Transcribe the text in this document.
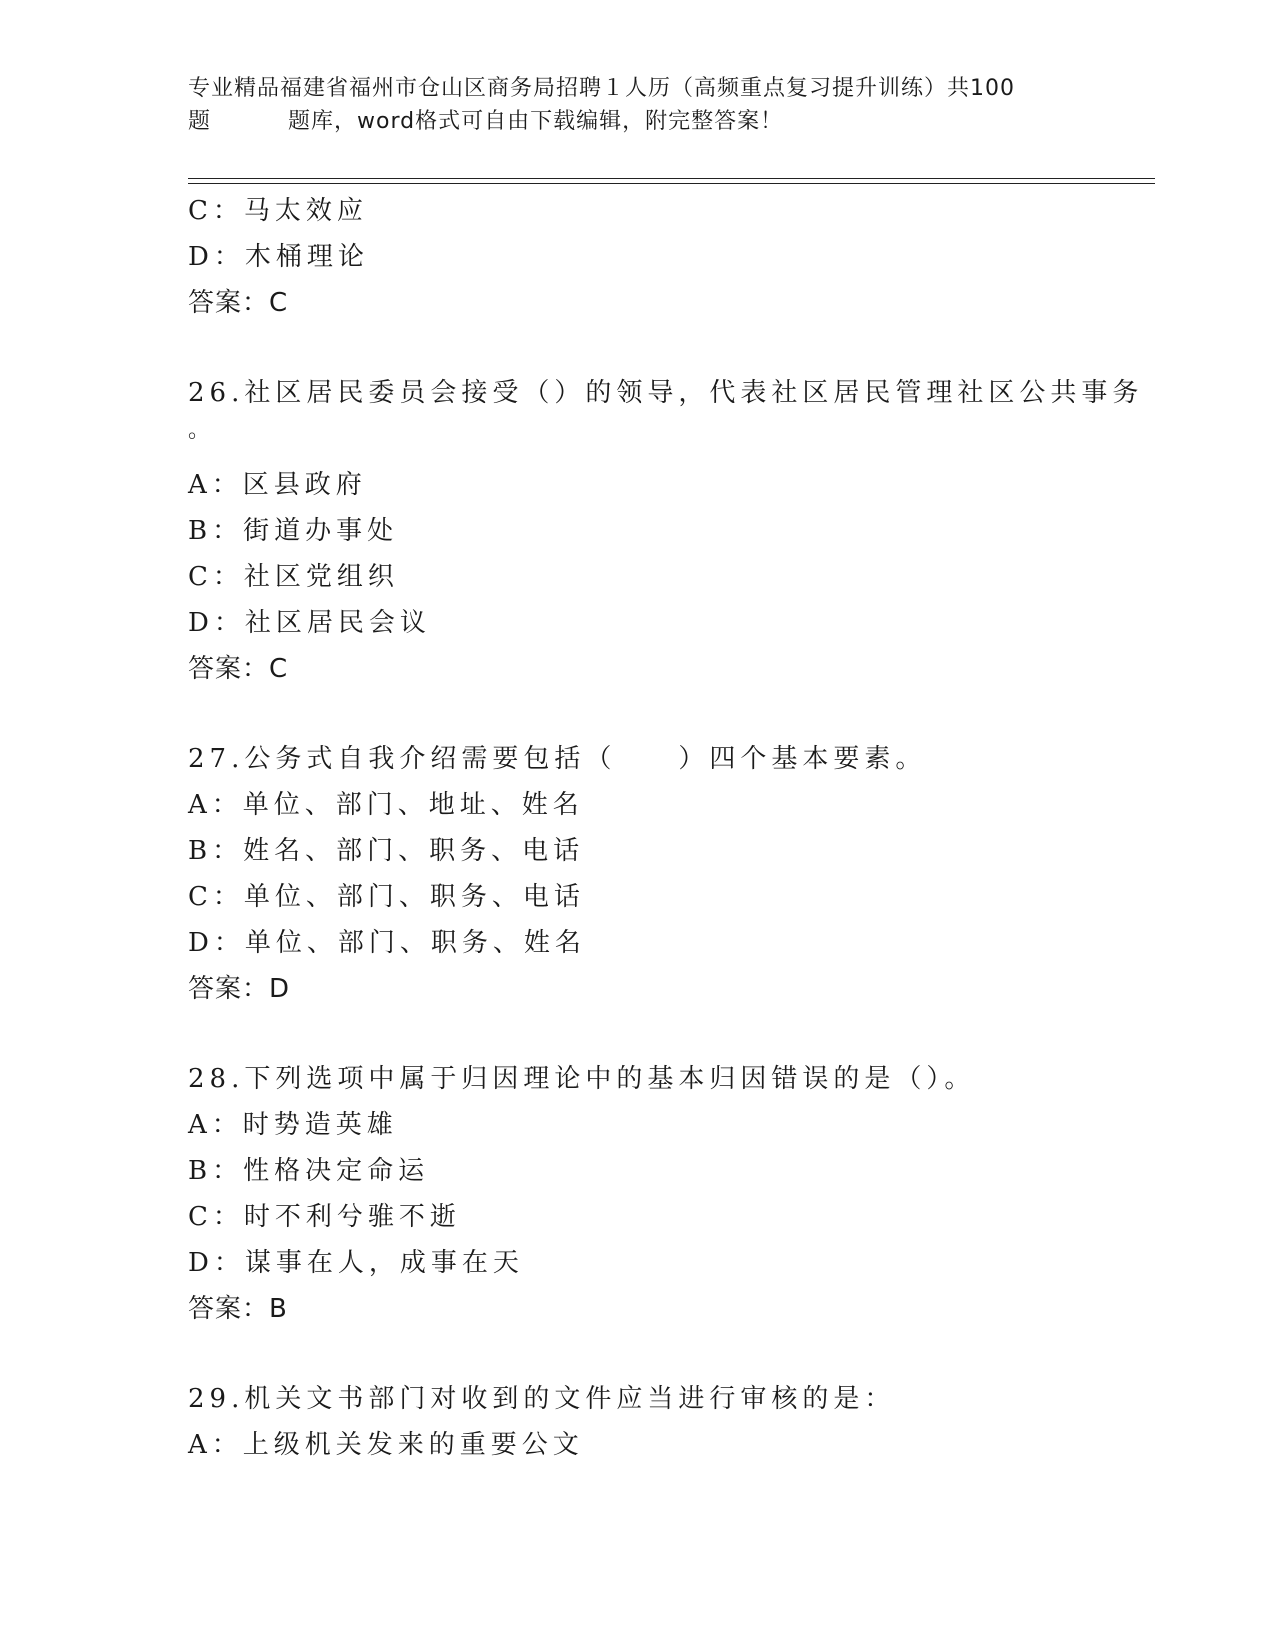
专业精品福建省福州市仓山区商务局招聘１人历（高频重点复习提升训练）共100
题	题库，word格式可自由下载编辑，附完整答案！
C：马太效应
D：木桶理论
答案：C
26.社区居民委员会接受（）的领导，代表社区居民管理社区公共事务
。
A：区县政府
B：街道办事处
C：社区党组织
D：社区居民会议
答案：C
27.公务式自我介绍需要包括（　　）四个基本要素。
A：单位、部门、地址、姓名
B：姓名、部门、职务、电话
C：单位、部门、职务、电话
D：单位、部门、职务、姓名
答案：D
28.下列选项中属于归因理论中的基本归因错误的是（）。
A：时势造英雄
B：性格决定命运
C：时不利兮骓不逝
D：谋事在人，成事在天
答案：B
29.机关文书部门对收到的文件应当进行审核的是：
A：上级机关发来的重要公文
